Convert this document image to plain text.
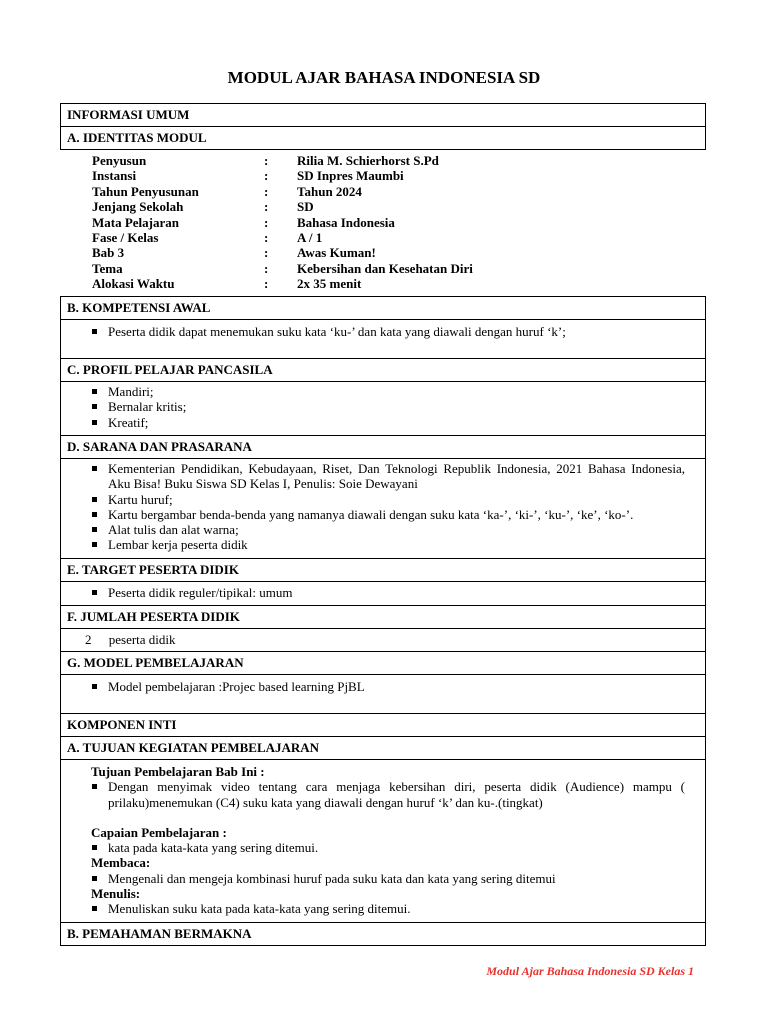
MODUL AJAR BAHASA INDONESIA SD
INFORMASI UMUM
A. IDENTITAS MODUL
Penyusun	:	Rilia M. Schierhorst S.Pd
Instansi	:	SD Inpres Maumbi
Tahun Penyusunan	:	Tahun 2024
Jenjang Sekolah	:	SD
Mata Pelajaran	:	Bahasa Indonesia
Fase / Kelas	:	A / 1
Bab 3	:	Awas Kuman!
Tema	:	Kebersihan dan Kesehatan Diri
Alokasi Waktu	:	2x 35 menit
B. KOMPETENSI AWAL
Peserta didik dapat menemukan suku kata ‘ku-’ dan kata yang diawali dengan huruf ‘k’;
C. PROFIL PELAJAR PANCASILA
Mandiri;
Bernalar kritis;
Kreatif;
D. SARANA DAN PRASARANA
Kementerian Pendidikan, Kebudayaan, Riset, Dan Teknologi Republik Indonesia, 2021 Bahasa Indonesia, Aku Bisa! Buku Siswa SD Kelas I, Penulis: Soie Dewayani
Kartu huruf;
Kartu bergambar benda-benda yang namanya diawali dengan suku kata ‘ka-’, ‘ki-’, ‘ku-’, ‘ke’, ‘ko-’.
Alat tulis dan alat warna;
Lembar kerja peserta didik
E. TARGET PESERTA DIDIK
Peserta didik reguler/tipikal: umum
F. JUMLAH PESERTA DIDIK
2 peserta didik
G. MODEL PEMBELAJARAN
Model pembelajaran :Projec based learning PjBL
KOMPONEN INTI
A. TUJUAN KEGIATAN PEMBELAJARAN
Tujuan Pembelajaran Bab Ini :
Dengan menyimak video tentang cara menjaga kebersihan diri, peserta didik (Audience) mampu ( prilaku)menemukan (C4) suku kata yang diawali dengan huruf ‘k’ dan ku-.(tingkat)
Capaian Pembelajaran :
kata pada kata-kata yang sering ditemui.
Membaca:
Mengenali dan mengeja kombinasi huruf pada suku kata dan kata yang sering ditemui
Menulis:
Menuliskan suku kata pada kata-kata yang sering ditemui.
B. PEMAHAMAN BERMAKNA
Modul Ajar Bahasa Indonesia SD Kelas 1
